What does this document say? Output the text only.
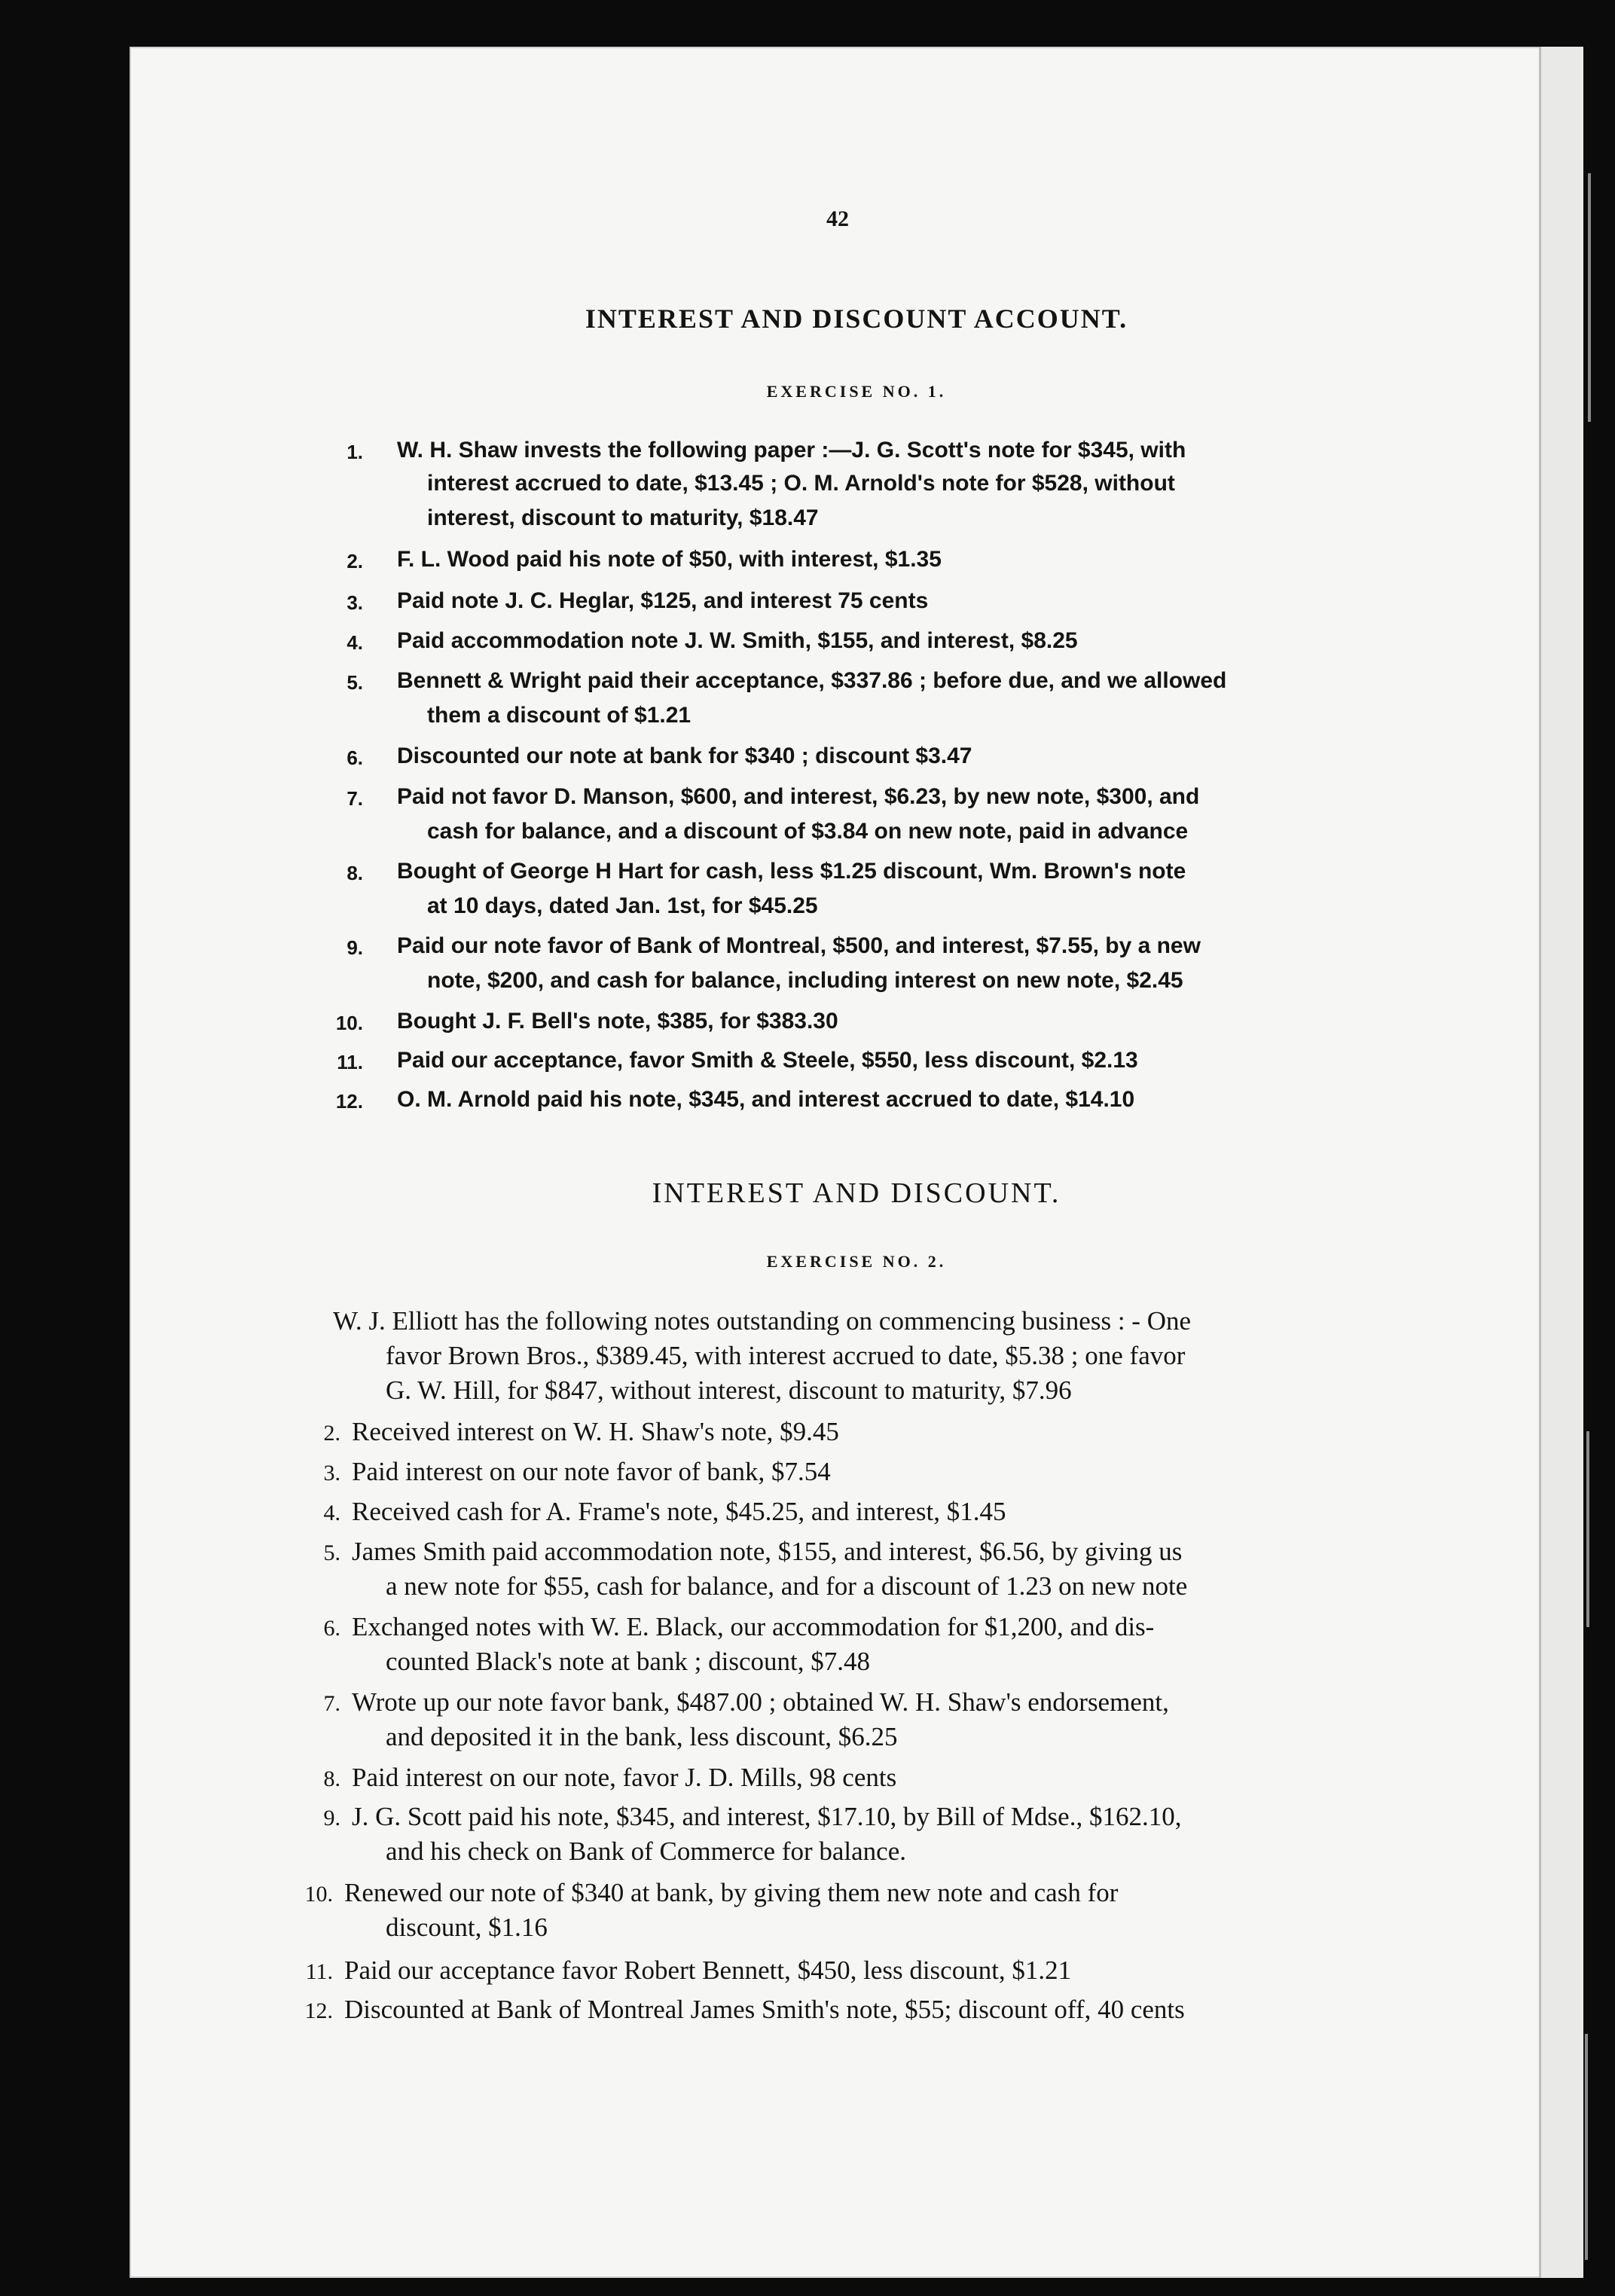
42
INTEREST AND DISCOUNT ACCOUNT.
EXERCISE NO. 1.
1. W. H. Shaw invests the following paper :—J. G. Scott's note for $345, with
interest accrued to date, $13.45 ; O. M. Arnold's note for $528, without
interest, discount to maturity, $18.47
2. F. L. Wood paid his note of $50, with interest, $1.35
3. Paid note J. C. Heglar, $125, and interest 75 cents
4. Paid accommodation note J. W. Smith, $155, and interest, $8.25
5. Bennett & Wright paid their acceptance, $337.86 ; before due, and we allowed
them a discount of $1.21
6. Discounted our note at bank for $340 ; discount $3.47
7. Paid not favor D. Manson, $600, and interest, $6.23, by new note, $300, and
cash for balance, and a discount of $3.84 on new note, paid in advance
8. Bought of George H Hart for cash, less $1.25 discount, Wm. Brown's note
at 10 days, dated Jan. 1st, for $45.25
9. Paid our note favor of Bank of Montreal, $500, and interest, $7.55, by a new
note, $200, and cash for balance, including interest on new note, $2.45
10. Bought J. F. Bell's note, $385, for $383.30
11. Paid our acceptance, favor Smith & Steele, $550, less discount, $2.13
12. O. M. Arnold paid his note, $345, and interest accrued to date, $14.10
INTEREST AND DISCOUNT.
EXERCISE NO. 2.
W. J. Elliott has the following notes outstanding on commencing business : - One
favor Brown Bros., $389.45, with interest accrued to date, $5.38 ; one favor
G. W. Hill, for $847, without interest, discount to maturity, $7.96
2. Received interest on W. H. Shaw's note, $9.45
3. Paid interest on our note favor of bank, $7.54
4. Received cash for A. Frame's note, $45.25, and interest, $1.45
5. James Smith paid accommodation note, $155, and interest, $6.56, by giving us
a new note for $55, cash for balance, and for a discount of 1.23 on new note
6. Exchanged notes with W. E. Black, our accommodation for $1,200, and dis-
counted Black's note at bank ; discount, $7.48
7. Wrote up our note favor bank, $487.00 ; obtained W. H. Shaw's endorsement,
and deposited it in the bank, less discount, $6.25
8. Paid interest on our note, favor J. D. Mills, 98 cents
9. J. G. Scott paid his note, $345, and interest, $17.10, by Bill of Mdse., $162.10,
and his check on Bank of Commerce for balance.
10. Renewed our note of $340 at bank, by giving them new note and cash for
discount, $1.16
11. Paid our acceptance favor Robert Bennett, $450, less discount, $1.21
12. Discounted at Bank of Montreal James Smith's note, $55; discount off, 40 cents
